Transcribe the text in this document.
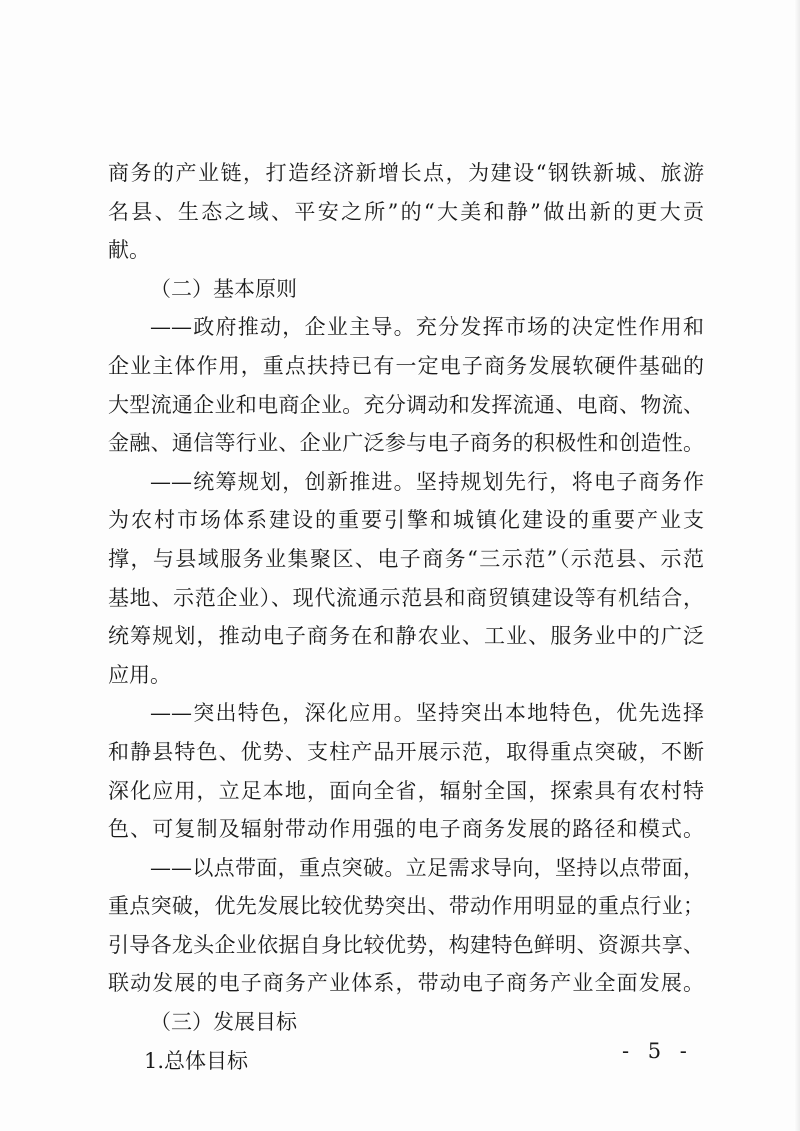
商务的产业链，打造经济新增长点，为建设“钢铁新城、旅游
名县、生态之域、平安之所”的“大美和静”做出新的更大贡
献。
（二）基本原则
——政府推动，企业主导。充分发挥市场的决定性作用和
企业主体作用，重点扶持已有一定电子商务发展软硬件基础的
大型流通企业和电商企业。充分调动和发挥流通、电商、物流、
金融、通信等行业、企业广泛参与电子商务的积极性和创造性。
——统筹规划，创新推进。坚持规划先行，将电子商务作
为农村市场体系建设的重要引擎和城镇化建设的重要产业支
撑，与县域服务业集聚区、电子商务“三示范”（示范县、示范
基地、示范企业）、现代流通示范县和商贸镇建设等有机结合，
统筹规划，推动电子商务在和静农业、工业、服务业中的广泛
应用。
——突出特色，深化应用。坚持突出本地特色，优先选择
和静县特色、优势、支柱产品开展示范，取得重点突破，不断
深化应用，立足本地，面向全省，辐射全国，探索具有农村特
色、可复制及辐射带动作用强的电子商务发展的路径和模式。
——以点带面，重点突破。立足需求导向，坚持以点带面，
重点突破，优先发展比较优势突出、带动作用明显的重点行业；
引导各龙头企业依据自身比较优势，构建特色鲜明、资源共享、
联动发展的电子商务产业体系，带动电子商务产业全面发展。
（三）发展目标
1.总体目标	- 5 -
